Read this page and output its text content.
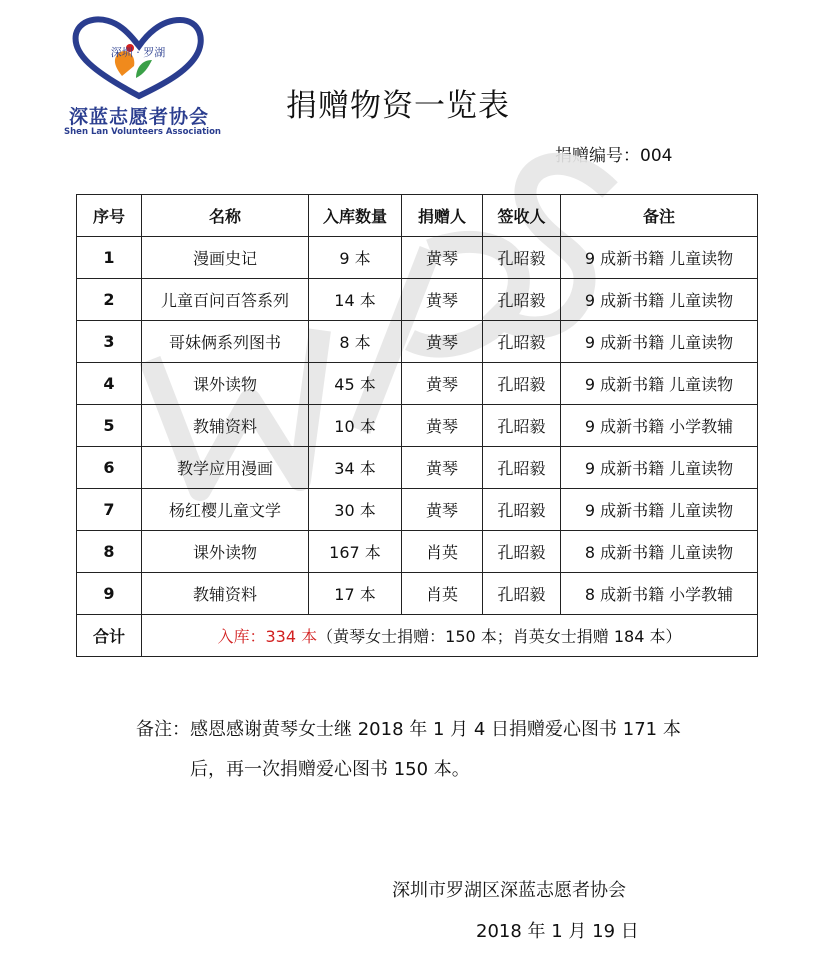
深圳 · 罗湖
深蓝志愿者协会
Shen Lan Volunteers Association
捐赠物资一览表
捐赠编号：004
序号	名称	入库数量	捐赠人	签收人	备注
1	漫画史记	9 本	黄琴	孔昭毅	9 成新书籍 儿童读物
2	儿童百问百答系列	14 本	黄琴	孔昭毅	9 成新书籍 儿童读物
3	哥妹俩系列图书	8 本	黄琴	孔昭毅	9 成新书籍 儿童读物
4	课外读物	45 本	黄琴	孔昭毅	9 成新书籍 儿童读物
5	教辅资料	10 本	黄琴	孔昭毅	9 成新书籍 小学教辅
6	教学应用漫画	34 本	黄琴	孔昭毅	9 成新书籍 儿童读物
7	杨红樱儿童文学	30 本	黄琴	孔昭毅	9 成新书籍 儿童读物
8	课外读物	167 本	肖英	孔昭毅	8 成新书籍 儿童读物
9	教辅资料	17 本	肖英	孔昭毅	8 成新书籍 小学教辅
合计	入库：334 本（黄琴女士捐赠：150 本；肖英女士捐赠 184 本）				
备注：感恩感谢黄琴女士继 2018 年 1 月 4 日捐赠爱心图书 171 本
后，再一次捐赠爱心图书 150 本。
深圳市罗湖区深蓝志愿者协会
2018 年 1 月 19 日
